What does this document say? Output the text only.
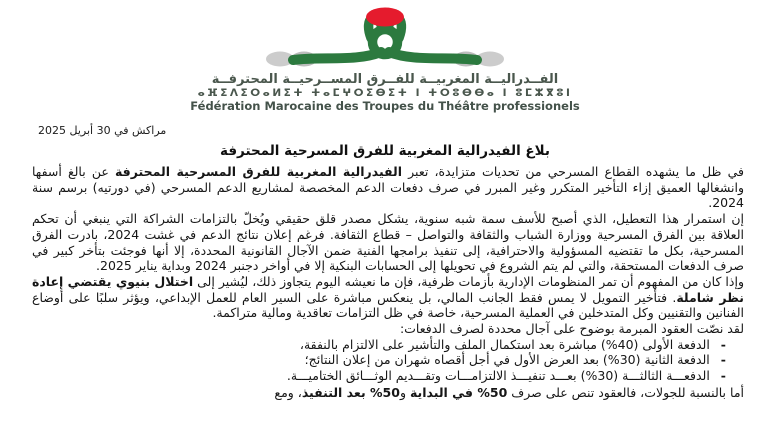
الفــدراليــة المغربيــة للفــرق المســرحيــة المحترفــة
ⴰⴼⵉⴷⵉⵔⴰⵍⵉⵜ ⵜⴰⵎⵖⵔⵉⴱⵉⵜ ⵏ ⵜⵔⵓⴱⴱⴰ ⵏ ⵓⵎⵣⴳⵓⵏ
Fédération Marocaine des Troupes du Théâtre professionels
مراكش في 30 أبريل 2025
بلاغ الفيدرالية المغربية للفرق المسرحية المحترفة
في ظل ما يشهده القطاع المسرحي من تحديات متزايدة، تعبر الفيدرالية المغربية للفرق المسرحية المحترفة عن بالغ أسفها وانشغالها العميق إزاء التأخير المتكرر وغير المبرر في صرف دفعات الدعم المخصصة لمشاريع الدعم المسرحي (في دورتيه) برسم سنة 2024.
إن استمرار هذا التعطيل، الذي أصبح للأسف سمة شبه سنوية، يشكل مصدر قلق حقيقي ويُخلّ بالتزامات الشراكة التي ينبغي أن تحكم العلاقة بين الفرق المسرحية ووزارة الشباب والثقافة والتواصل – قطاع الثقافة. فرغم إعلان نتائج الدعم في غشت 2024، بادرت الفرق المسرحية، بكل ما تقتضيه المسؤولية والاحترافية، إلى تنفيذ برامجها الفنية ضمن الآجال القانونية المحددة، إلا أنها فوجئت بتأخر كبير في صرف الدفعات المستحقة، والتي لم يتم الشروع في تحويلها إلى الحسابات البنكية إلا في أواخر دجنبر 2024 وبداية يناير 2025.
وإذا كان من المفهوم أن تمر المنظومات الإدارية بأزمات ظرفية، فإن ما نعيشه اليوم يتجاوز ذلك، ليُشير إلى اختلال بنيوي يقتضي إعادة نظر شاملة. فتأخير التمويل لا يمس فقط الجانب المالي، بل ينعكس مباشرة على السير العام للعمل الإبداعي، ويؤثر سلبًا على أوضاع الفنانين والتقنيين وكل المتدخلين في العملية المسرحية، خاصة في ظل التزامات تعاقدية ومالية متراكمة.
لقد نصّت العقود المبرمة بوضوح على آجال محددة لصرف الدفعات:
-
الدفعة الأولى (40%) مباشرة بعد استكمال الملف والتأشير على الالتزام بالنفقة،
-
الدفعة الثانية (30%) بعد العرض الأول في أجل أقصاه شهران من إعلان النتائج؛
-
الدفعـــة الثالثـــة (30%) بعـــد تنفيـــذ الالتزامـــات وتقـــديم الوثـــائق الختاميـــة.
أما بالنسبة للجولات، فالعقود تنص على صرف 50% في البداية و50% بعد التنفيذ، ومع
